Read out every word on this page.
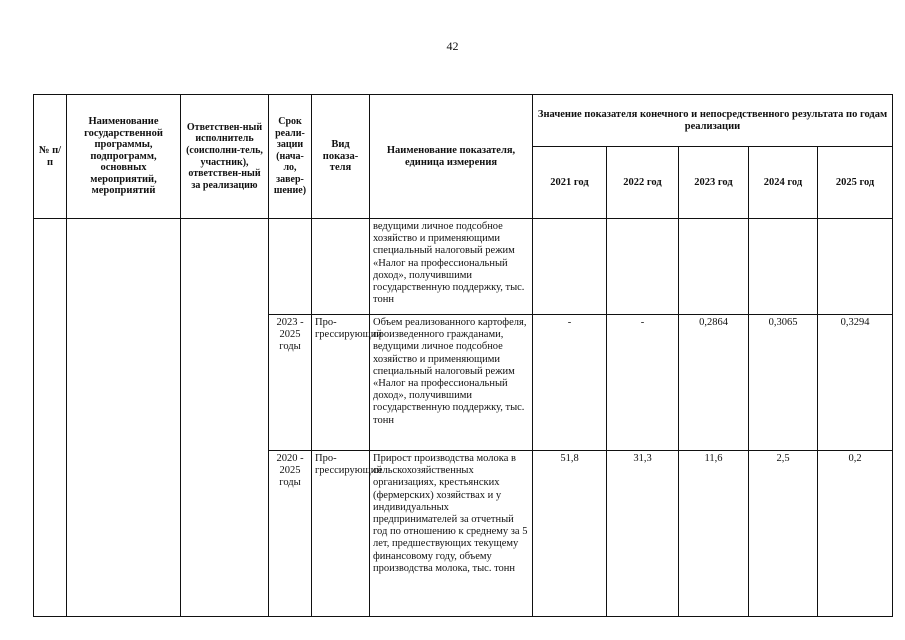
42
№ п/п	Наименование государственной программы, подпрограмм, основных мероприятий, мероприятий	Ответствен-ный исполнитель (соисполни-тель, участник), ответствен-ный за реализацию	Срок реали-зации (нача-ло, завер-шение)	Вид показа-теля	Наименование показателя, единица измерения	Значение показателя конечного и непосредственного результата по годам реализации				
						2021 год	2022 год	2023 год	2024 год	2025 год
					ведущими личное подсобное хозяйство и применяющими специальный налоговый режим «Налог на профессиональный доход», получившими государственную поддержку, тыс. тонн					
			2023 - 2025 годы	Про-грессирующий	Объем реализованного картофеля, произведенного гражданами, ведущими личное подсобное хозяйство и применяющими специальный налоговый режим «Налог на профессиональный доход», получившими государственную поддержку, тыс. тонн	-	-	0,2864	0,3065	0,3294
			2020 - 2025 годы	Про-грессирующий	Прирост производства молока в сельскохозяйственных организациях, крестьянских (фермерских) хозяйствах и у индивидуальных предпринимателей за отчетный год по отношению к среднему за 5 лет, предшествующих текущему финансовому году, объему производства молока, тыс. тонн	51,8	31,3	11,6	2,5	0,2
